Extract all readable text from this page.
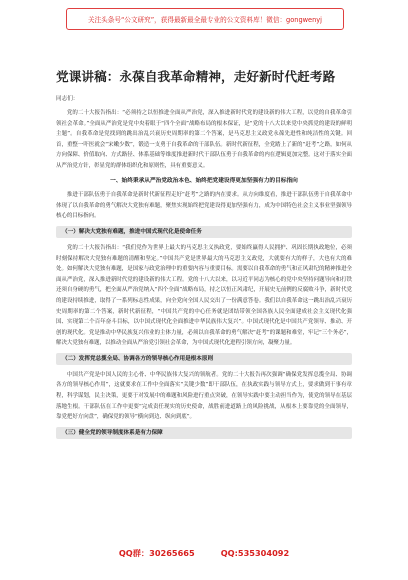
关注头条号“公文研究”，获得最新最全最专业的公文资料库！微信：gongwenyj
党课讲稿：永葆自我革命精神，走好新时代赶考路
同志们：

党的二十大报告指出：“必须持之以恒推进全面从严治党，深入推进新时代党的建设新的伟大工程，以党的自我革命引领社会革命。”全面从严治党是党中央着眼于“四个全面”战略布局的根本保证，是“党的十八大以来党中央抓党的建设的鲜明主题”。自我革命是党找到的跳出治乱兴衰历史周期率的第二个答案，是马克思主义政党永葆先进性和纯洁性的关键。回首，重整一吓医就会“宋嫩少数”，锻造一支勇于自我革命的干部队伍。新时代新征程，全党踏上了新的“赶考”之路，如何从方向保障、价值取向、方式路径、体系基础等维度推进新时代干部队伍勇于自我革命的内在逻辑更加完整。这对于落实全面从严治党方针，彰显党的群体组织化和原则性，具有重要意义。

一、始终秉承从严治党政治本色、始终把党建设得更加坚强有力的目标指向

推进干部队伍勇于自我革命是新时代新征程走好“赶考”之路的内在要求。从方向维度看，推进干部队伍勇于自我革命中体现了以自我革命的勇气解决大党独有难题，聚焦实现始终把党建设得更加坚强有力，成为中国特色社会主义事业坚强领导核心的目标指向。

（一）解决大党独有难题，推进中国式现代化是使命任务

党的二十大报告指出：“我们党作为世界上最大的马克思主义执政党，要始终赢得人民拥护、巩固长期执政地位，必须时刻保持解决大党独有难题的清醒和坚定。”中国共产党是世界最大的马克思主义政党，大就要有大的样子，大也有大的难处。如何解决大党独有难题，是国家与政党治理中的重要内容与重要目标。需要以自我革命的勇气和正风肃纪的精神推进全面从严治党，深入推进新时代党的建设新的伟大工程。党的十八大以来，以习近平同志为核心的党中央坚持问题导向和打铁还须自身硬的勇气，把全面从严治党纳入“四个全面”战略布局，持之以恒正风肃纪，开展史无前例的反腐败斗争，新时代党的建设持续推进，取得了一系列标志性成果，向全党向全国人民交出了一份满意答卷。我们以自我革命这一跳出治乱兴衰历史周期率的第二个答案，新时代新征程，“中国共产党的中心任务就是团结带领全国各族人民全面建成社会主义现代化强国、实现第二个百年奋斗目标，以中国式现代化全面推进中华民族伟大复兴”。中国式现代化是中国共产党领导、推动、开创的现代化。党是推动中华民族复兴伟业的主体力量，必须以自我革命的勇气解决“赶考”的课题和难堂，牢记“三个务必”，解决大党独有难题，以推动全面从严治党引领社会革命，为中国式现代化进程引领方向，凝聚力量。

（二）发挥党总揽全局、协调各方的领导核心作用是根本原则

中国共产党是中国人民的主心骨、中华民族伟大复兴的领航者。党的二十大报告再次强调“确保党发挥总揽全局、协调各方的领导核心作用”，这就要求在工作中全面落实“关键少数”即干部队伍，在执政实践与领导方式上，要求做到干事有章程，科学谋划，民主决策，更要于对发展中的难题和风险进行重点突破，在领导实践中要主动担当作为，使党的领导在基层落地生根。干部队伍在工作中更要“完成责任现实的历史使命，战胜前进道路上的风险挑战，从根本上要靠党的全面领导，靠党把好方向盘”，确保党的领导“横向到边、纵向到底”。

（三）健全党的领导制度体系是有力保障
QQ群：30265665	QQ:535304092
